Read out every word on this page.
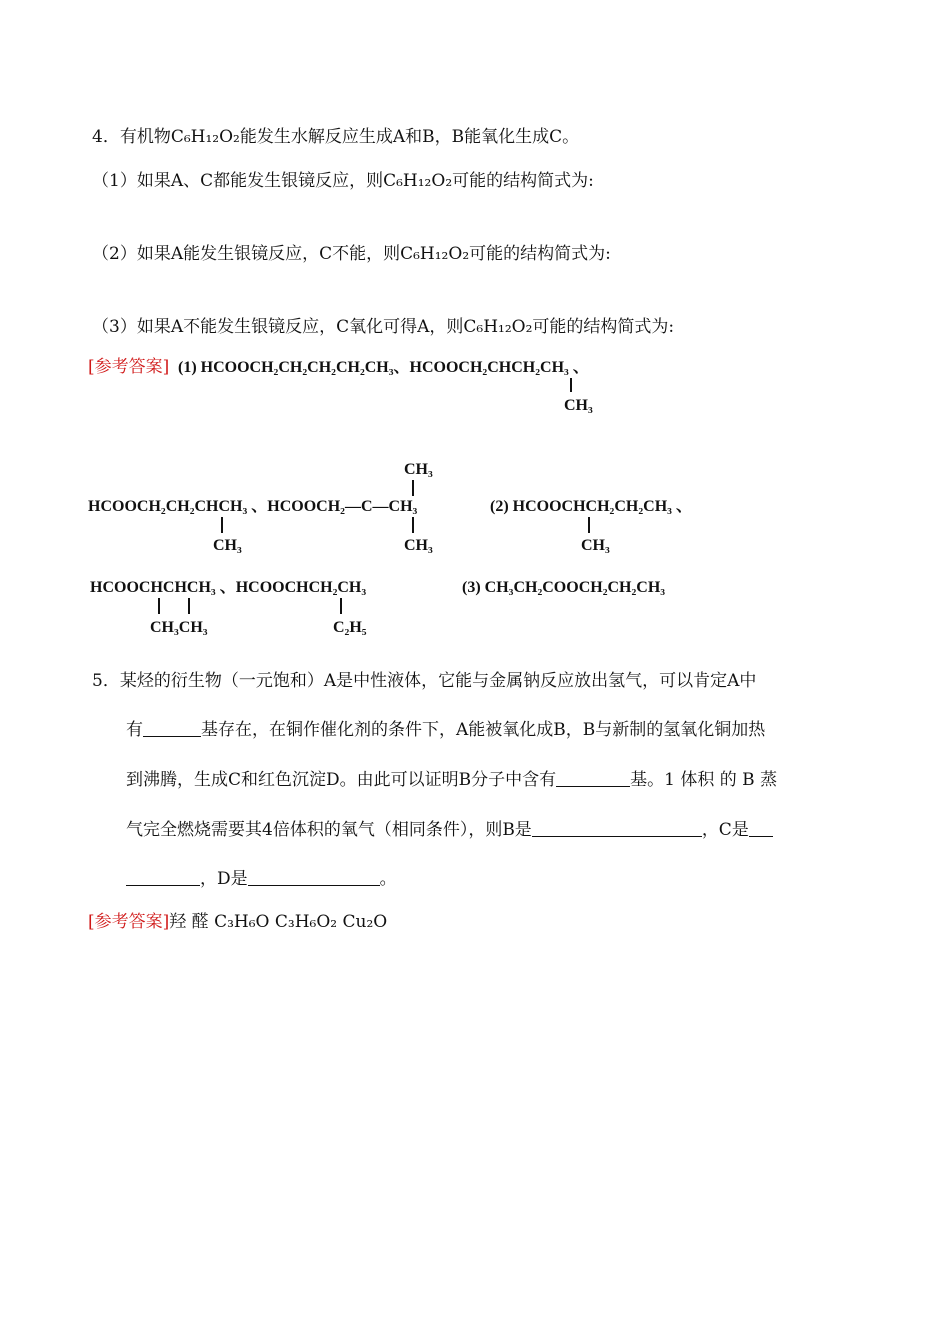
4．有机物C₆H₁₂O₂能发生水解反应生成A和B，B能氧化生成C。
（1）如果A、C都能发生银镜反应，则C₆H₁₂O₂可能的结构简式为:
（2）如果A能发生银镜反应，C不能，则C₆H₁₂O₂可能的结构简式为:
（3）如果A不能发生银镜反应，C氧化可得A，则C₆H₁₂O₂可能的结构简式为:
[参考答案] (1) HCOOCH₂CH₂CH₂CH₂CH₃、HCOOCH₂CHCH₂CH₃ 、
CH₃
CH₃
HCOOCH₂CH₂CHCH₃ 、HCOOCH₂—C—CH₃
CH₃	CH₃
(2) HCOOCHCH₂CH₂CH₃ 、
CH₃
HCOOCHCHCH₃ 、HCOOCHCH₂CH₃
CH₃CH₃	C₂H₅
(3) CH₃CH₂COOCH₂CH₂CH₃
5．某烃的衍生物（一元饱和）A是中性液体，它能与金属钠反应放出氢气，可以肯定A中
有	基存在，在铜作催化剂的条件下，A能被氧化成B，B与新制的氢氧化铜加热
到沸腾，生成C和红色沉淀D。由此可以证明B分子中含有	基。1 体积 的 B 蒸
气完全燃烧需要其4倍体积的氧气（相同条件），则B是	，C是
，D是	。
[参考答案]羟 醛 C₃H₆O C₃H₆O₂ Cu₂O
